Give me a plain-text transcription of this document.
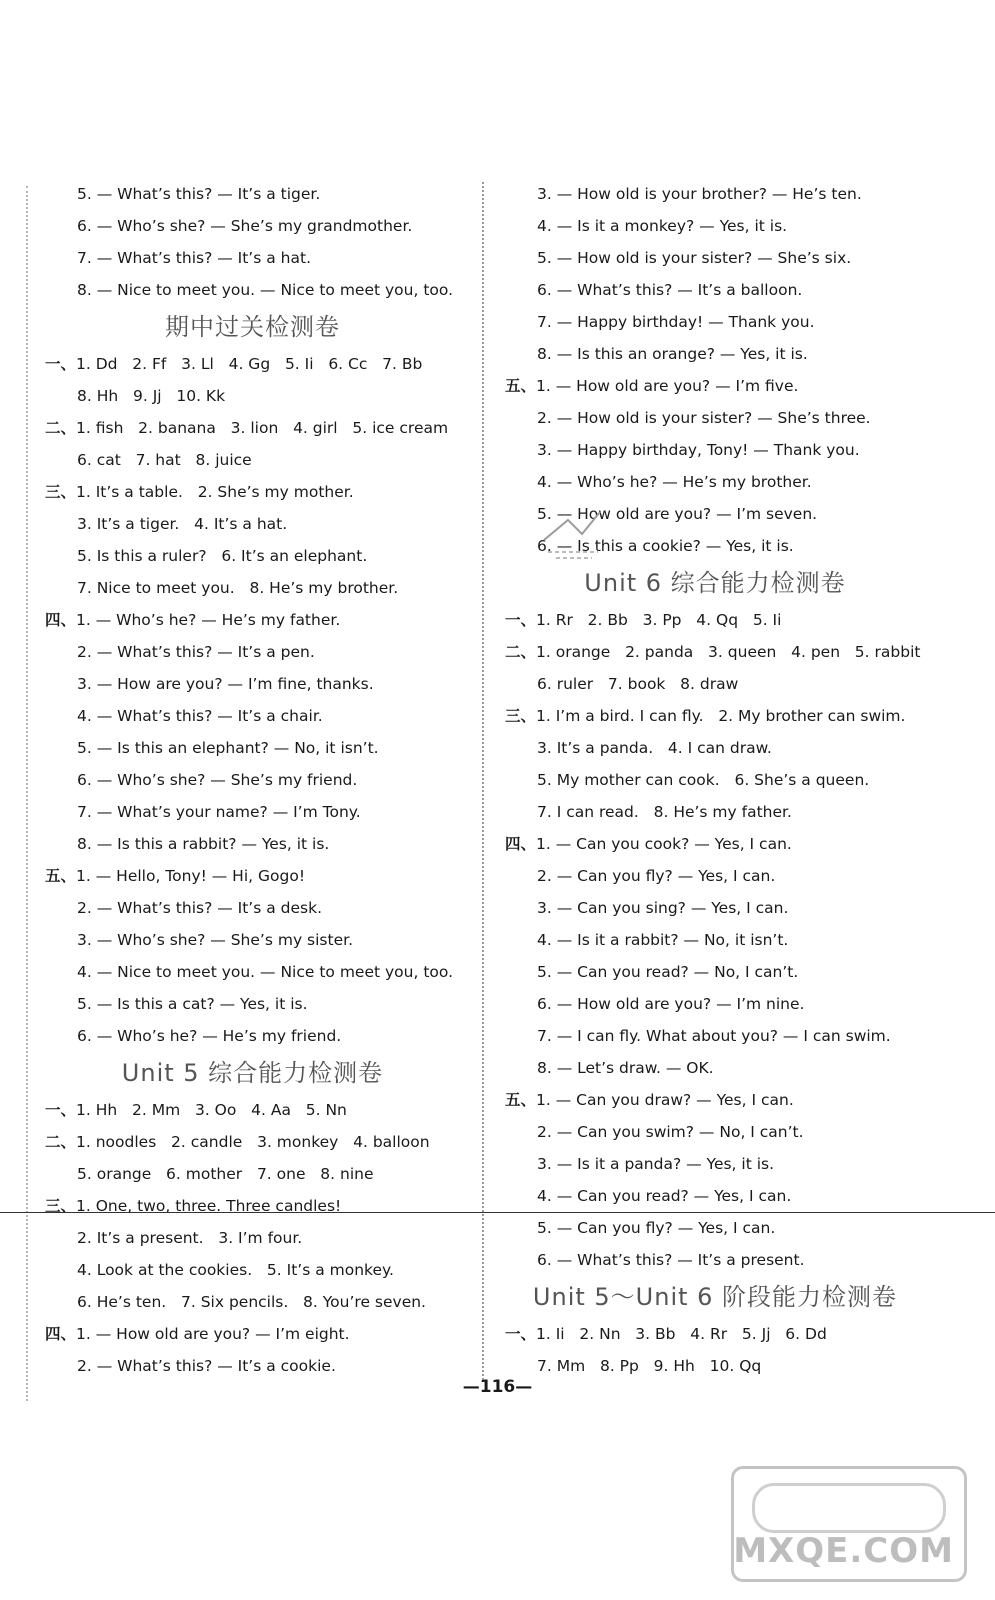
5. — What’s this? — It’s a tiger.
6. — Who’s she? — She’s my grandmother.
7. — What’s this? — It’s a hat.
8. — Nice to meet you. — Nice to meet you, too.
期中过关检测卷
一、1. Dd   2. Ff   3. Ll   4. Gg   5. Ii   6. Cc   7. Bb
8. Hh   9. Jj   10. Kk
二、1. fish   2. banana   3. lion   4. girl   5. ice cream
6. cat   7. hat   8. juice
三、1. It’s a table.   2. She’s my mother.
3. It’s a tiger.   4. It’s a hat.
5. Is this a ruler?   6. It’s an elephant.
7. Nice to meet you.   8. He’s my brother.
四、1. — Who’s he? — He’s my father.
2. — What’s this? — It’s a pen.
3. — How are you? — I’m fine, thanks.
4. — What’s this? — It’s a chair.
5. — Is this an elephant? — No, it isn’t.
6. — Who’s she? — She’s my friend.
7. — What’s your name? — I’m Tony.
8. — Is this a rabbit? — Yes, it is.
五、1. — Hello, Tony! — Hi, Gogo!
2. — What’s this? — It’s a desk.
3. — Who’s she? — She’s my sister.
4. — Nice to meet you. — Nice to meet you, too.
5. — Is this a cat? — Yes, it is.
6. — Who’s he? — He’s my friend.
Unit 5 综合能力检测卷
一、1. Hh   2. Mm   3. Oo   4. Aa   5. Nn
二、1. noodles   2. candle   3. monkey   4. balloon
5. orange   6. mother   7. one   8. nine
三、1. One, two, three. Three candles!
2. It’s a present.   3. I’m four.
4. Look at the cookies.   5. It’s a monkey.
6. He’s ten.   7. Six pencils.   8. You’re seven.
四、1. — How old are you? — I’m eight.
2. — What’s this? — It’s a cookie.
3. — How old is your brother? — He’s ten.
4. — Is it a monkey? — Yes, it is.
5. — How old is your sister? — She’s six.
6. — What’s this? — It’s a balloon.
7. — Happy birthday! — Thank you.
8. — Is this an orange? — Yes, it is.
五、1. — How old are you? — I’m five.
2. — How old is your sister? — She’s three.
3. — Happy birthday, Tony! — Thank you.
4. — Who’s he? — He’s my brother.
5. — How old are you? — I’m seven.
6. — Is this a cookie? — Yes, it is.
Unit 6 综合能力检测卷
一、1. Rr   2. Bb   3. Pp   4. Qq   5. Ii
二、1. orange   2. panda   3. queen   4. pen   5. rabbit
6. ruler   7. book   8. draw
三、1. I’m a bird. I can fly.   2. My brother can swim.
3. It’s a panda.   4. I can draw.
5. My mother can cook.   6. She’s a queen.
7. I can read.   8. He’s my father.
四、1. — Can you cook? — Yes, I can.
2. — Can you fly? — Yes, I can.
3. — Can you sing? — Yes, I can.
4. — Is it a rabbit? — No, it isn’t.
5. — Can you read? — No, I can’t.
6. — How old are you? — I’m nine.
7. — I can fly. What about you? — I can swim.
8. — Let’s draw. — OK.
五、1. — Can you draw? — Yes, I can.
2. — Can you swim? — No, I can’t.
3. — Is it a panda? — Yes, it is.
4. — Can you read? — Yes, I can.
5. — Can you fly? — Yes, I can.
6. — What’s this? — It’s a present.
Unit 5～Unit 6 阶段能力检测卷
一、1. Ii   2. Nn   3. Bb   4. Rr   5. Jj   6. Dd
7. Mm   8. Pp   9. Hh   10. Qq
—116—
MXQE.COM
